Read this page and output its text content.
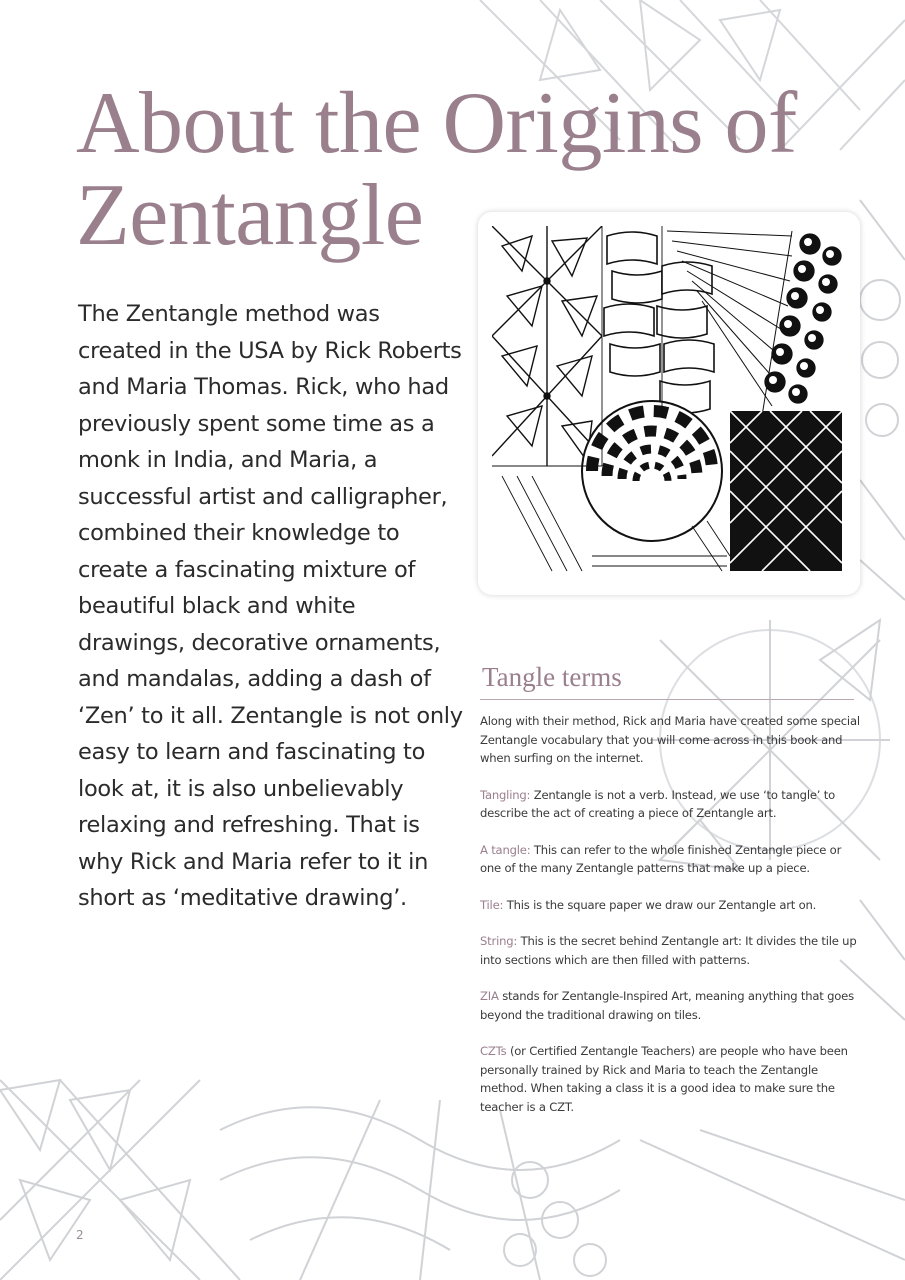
About the Origins of Zentangle

The Zentangle method was created in the USA by Rick Roberts and Maria Thomas. Rick, who had previously spent some time as a monk in India, and Maria, a successful artist and calligrapher, combined their knowledge to create a fascinating mixture of beautiful black and white drawings, decorative ornaments, and mandalas, adding a dash of ‘Zen’ to it all. Zentangle is not only easy to learn and fascinating to look at, it is also unbelievably relaxing and refreshing. That is why Rick and Maria refer to it in short as ‘meditative drawing’.

Tangle terms

Along with their method, Rick and Maria have created some special Zentangle vocabulary that you will come across in this book and when surfing on the internet.

Tangling: Zentangle is not a verb. Instead, we use ‘to tangle’ to describe the act of creating a piece of Zentangle art.

A tangle: This can refer to the whole finished Zentangle piece or one of the many Zentangle patterns that make up a piece.

Tile: This is the square paper we draw our Zentangle art on.

String: This is the secret behind Zentangle art: It divides the tile up into sections which are then filled with patterns.

ZIA stands for Zentangle-Inspired Art, meaning anything that goes beyond the traditional drawing on tiles.

CZTs (or Certified Zentangle Teachers) are people who have been personally trained by Rick and Maria to teach the Zentangle method. When taking a class it is a good idea to make sure the teacher is a CZT.

2
